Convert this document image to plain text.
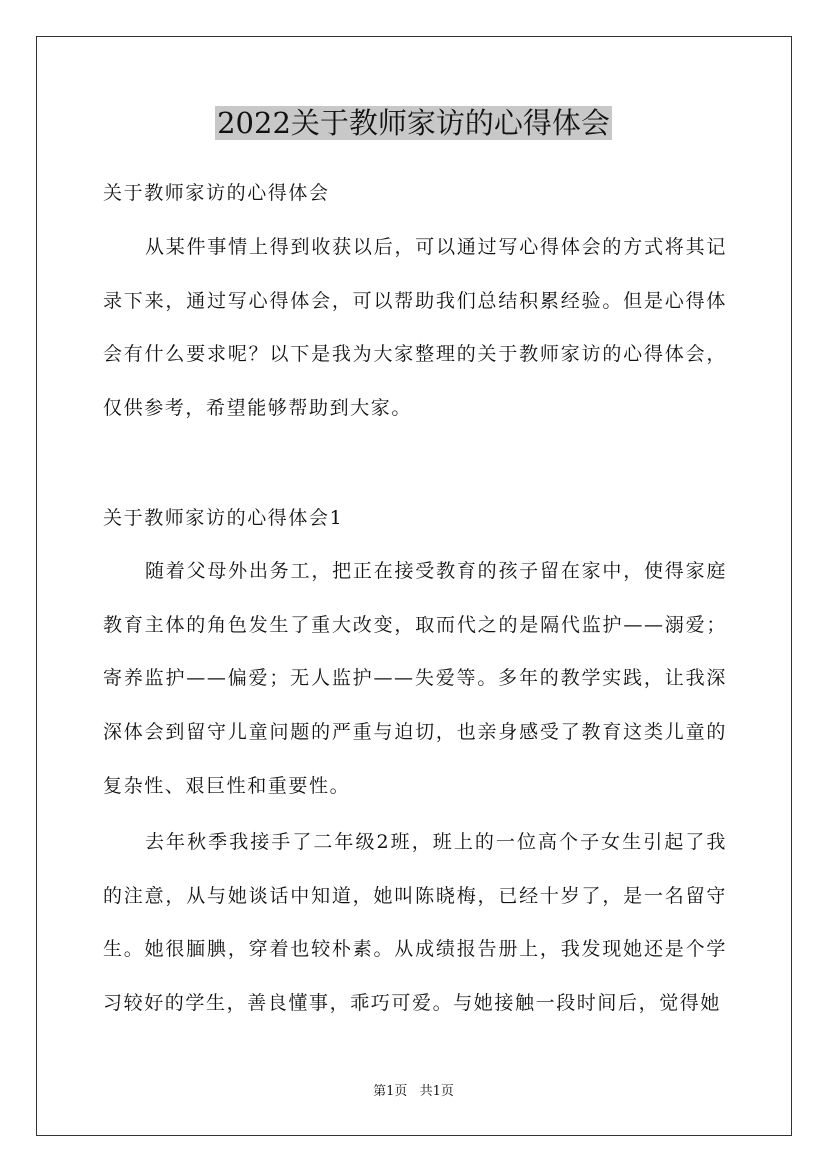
2022关于教师家访的心得体会

关于教师家访的心得体会

从某件事情上得到收获以后，可以通过写心得体会的方式将其记录下来，通过写心得体会，可以帮助我们总结积累经验。但是心得体会有什么要求呢？以下是我为大家整理的关于教师家访的心得体会，仅供参考，希望能够帮助到大家。

关于教师家访的心得体会1

随着父母外出务工，把正在接受教育的孩子留在家中，使得家庭教育主体的角色发生了重大改变，取而代之的是隔代监护——溺爱；寄养监护——偏爱；无人监护——失爱等。多年的教学实践，让我深深体会到留守儿童问题的严重与迫切，也亲身感受了教育这类儿童的复杂性、艰巨性和重要性。

去年秋季我接手了二年级2班，班上的一位高个子女生引起了我的注意，从与她谈话中知道，她叫陈晓梅，已经十岁了，是一名留守生。她很腼腆，穿着也较朴素。从成绩报告册上，我发现她还是个学习较好的学生，善良懂事，乖巧可爱。与她接触一段时间后，觉得她

第1页 共1页
